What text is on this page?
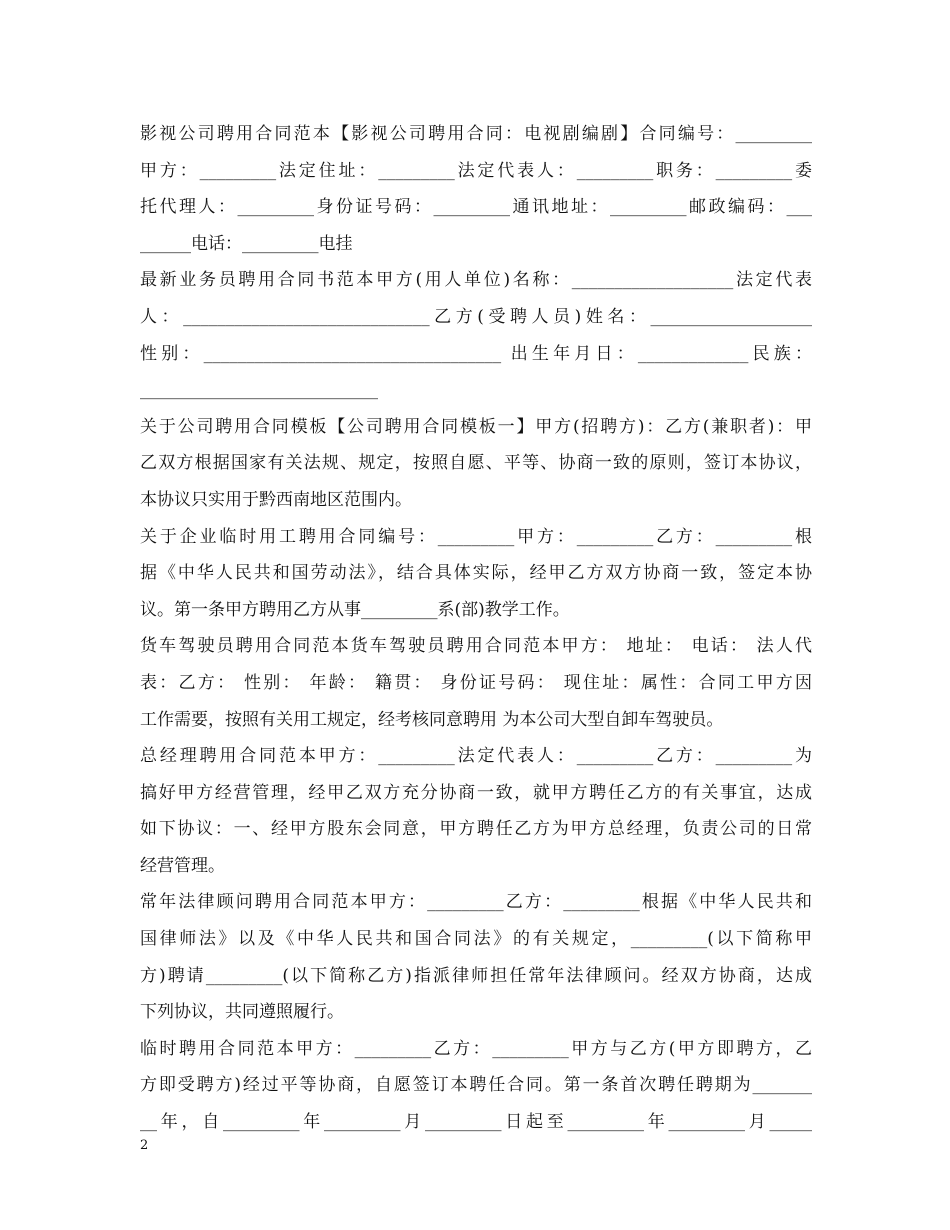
影视公司聘用合同范本【影视公司聘用合同：电视剧编剧】合同编号：_________
甲方：_________法定住址：_________法定代表人：_________职务：_________委
托代理人：_________身份证号码：_________通讯地址：_________邮政编码：___
______电话：_________电挂
最新业务员聘用合同书范本甲方(用人单位)名称：___________________法定代表
人：_____________________________乙方(受聘人员)姓名：___________________
性别：___________________________________ 出生年月日：_____________民族：
____________________________
关于公司聘用合同模板【公司聘用合同模板一】甲方(招聘方)：乙方(兼职者)：甲
乙双方根据国家有关法规、规定，按照自愿、平等、协商一致的原则，签订本协议，
本协议只实用于黔西南地区范围内。
关于企业临时用工聘用合同编号：_________甲方：_________乙方：_________根
据《中华人民共和国劳动法》，结合具体实际，经甲乙方双方协商一致，签定本协
议。第一条甲方聘用乙方从事_________系(部)教学工作。
货车驾驶员聘用合同范本货车驾驶员聘用合同范本甲方： 地址： 电话： 法人代
表：乙方： 性别： 年龄： 籍贯： 身份证号码： 现住址：属性：合同工甲方因
工作需要，按照有关用工规定，经考核同意聘用 为本公司大型自卸车驾驶员。
总经理聘用合同范本甲方：_________法定代表人：_________乙方：_________为
搞好甲方经营管理，经甲乙双方充分协商一致，就甲方聘任乙方的有关事宜，达成
如下协议：一、经甲方股东会同意，甲方聘任乙方为甲方总经理，负责公司的日常
经营管理。
常年法律顾问聘用合同范本甲方：_________乙方：_________根据《中华人民共和
国律师法》以及《中华人民共和国合同法》的有关规定，_________(以下简称甲
方)聘请_________(以下简称乙方)指派律师担任常年法律顾问。经双方协商，达成
下列协议，共同遵照履行。
临时聘用合同范本甲方：_________乙方：_________甲方与乙方(甲方即聘方，乙
方即受聘方)经过平等协商，自愿签订本聘任合同。第一条首次聘任聘期为_______
__年，自_________年_________月_________日起至_________年_________月_____
2
